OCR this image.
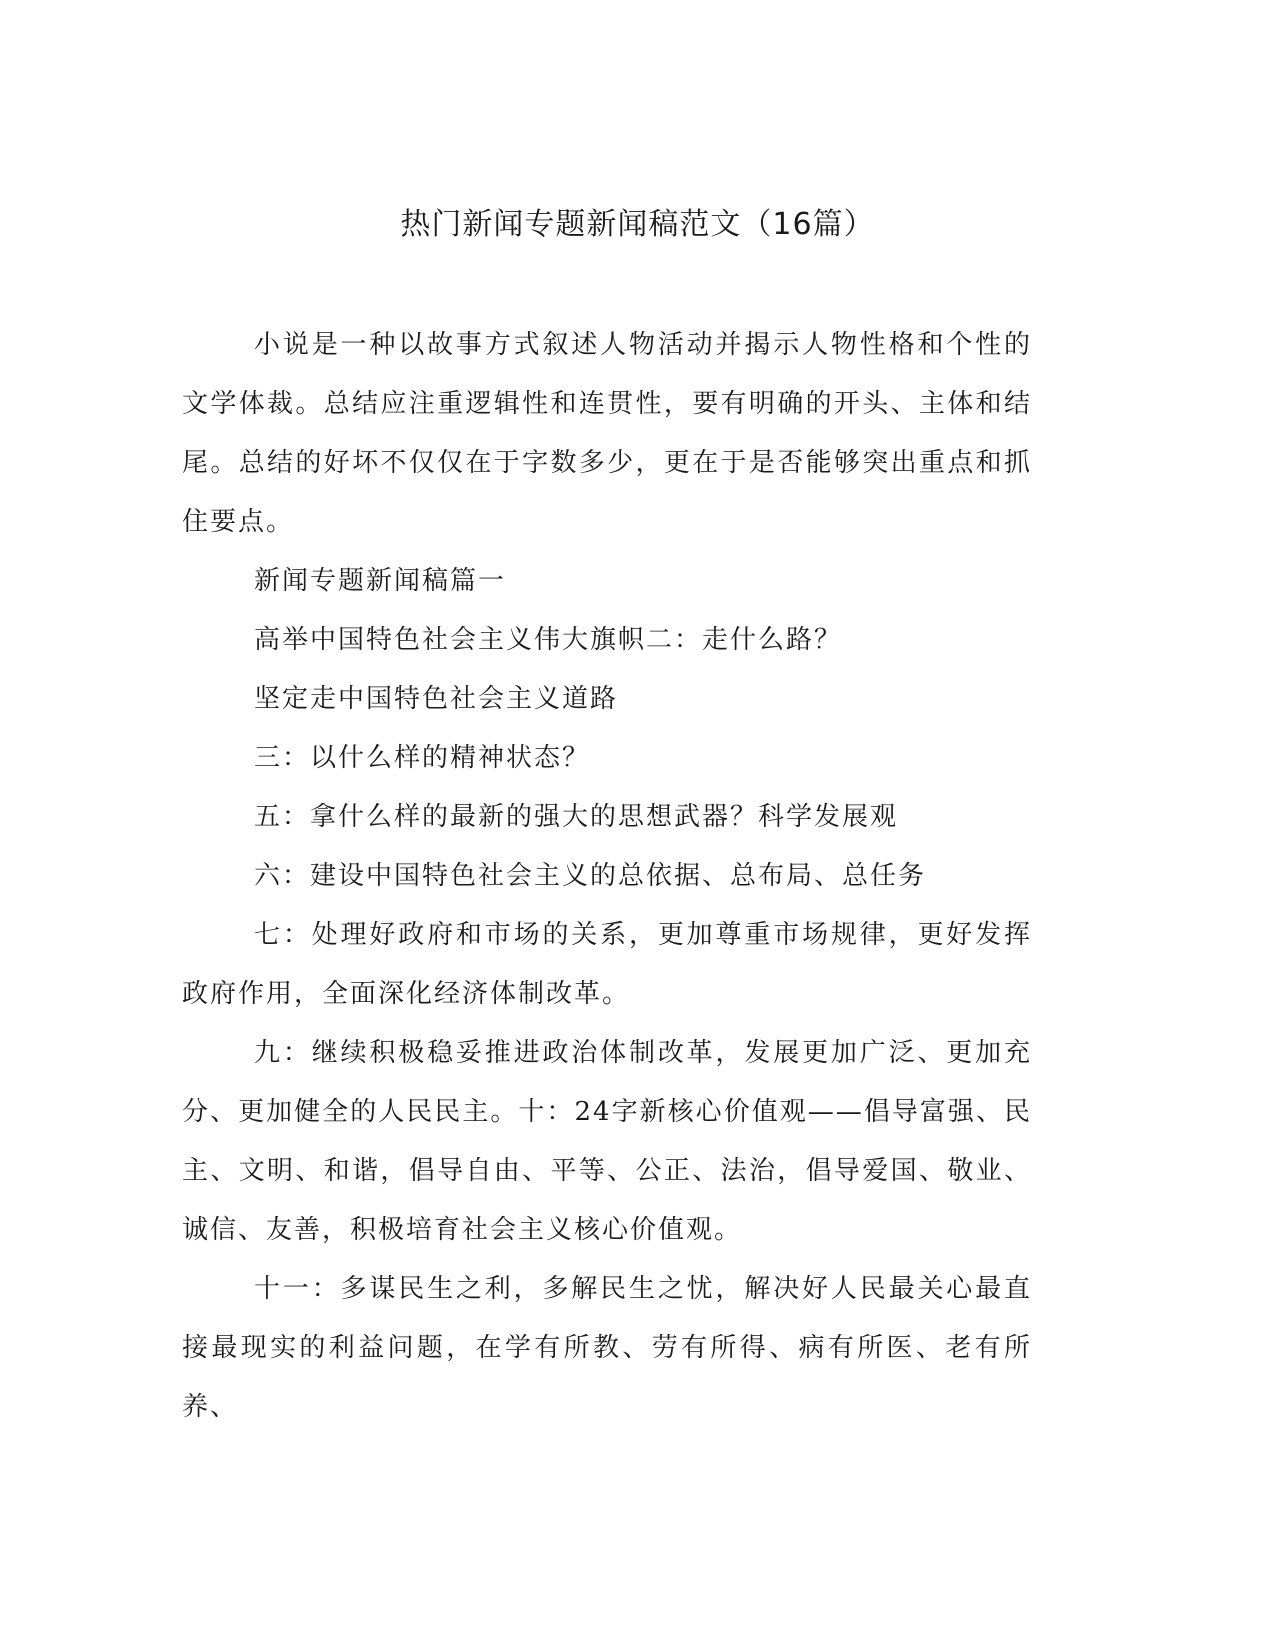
热门新闻专题新闻稿范文（16篇）

小说是一种以故事方式叙述人物活动并揭示人物性格和个性的文学体裁。总结应注重逻辑性和连贯性，要有明确的开头、主体和结尾。总结的好坏不仅仅在于字数多少，更在于是否能够突出重点和抓住要点。

新闻专题新闻稿篇一

高举中国特色社会主义伟大旗帜二：走什么路？

坚定走中国特色社会主义道路

三：以什么样的精神状态？

五：拿什么样的最新的强大的思想武器？科学发展观

六：建设中国特色社会主义的总依据、总布局、总任务

七：处理好政府和市场的关系，更加尊重市场规律，更好发挥政府作用，全面深化经济体制改革。

九：继续积极稳妥推进政治体制改革，发展更加广泛、更加充分、更加健全的人民民主。十：24字新核心价值观——倡导富强、民主、文明、和谐，倡导自由、平等、公正、法治，倡导爱国、敬业、诚信、友善，积极培育社会主义核心价值观。

十一：多谋民生之利，多解民生之忧，解决好人民最关心最直接最现实的利益问题，在学有所教、劳有所得、病有所医、老有所养、
